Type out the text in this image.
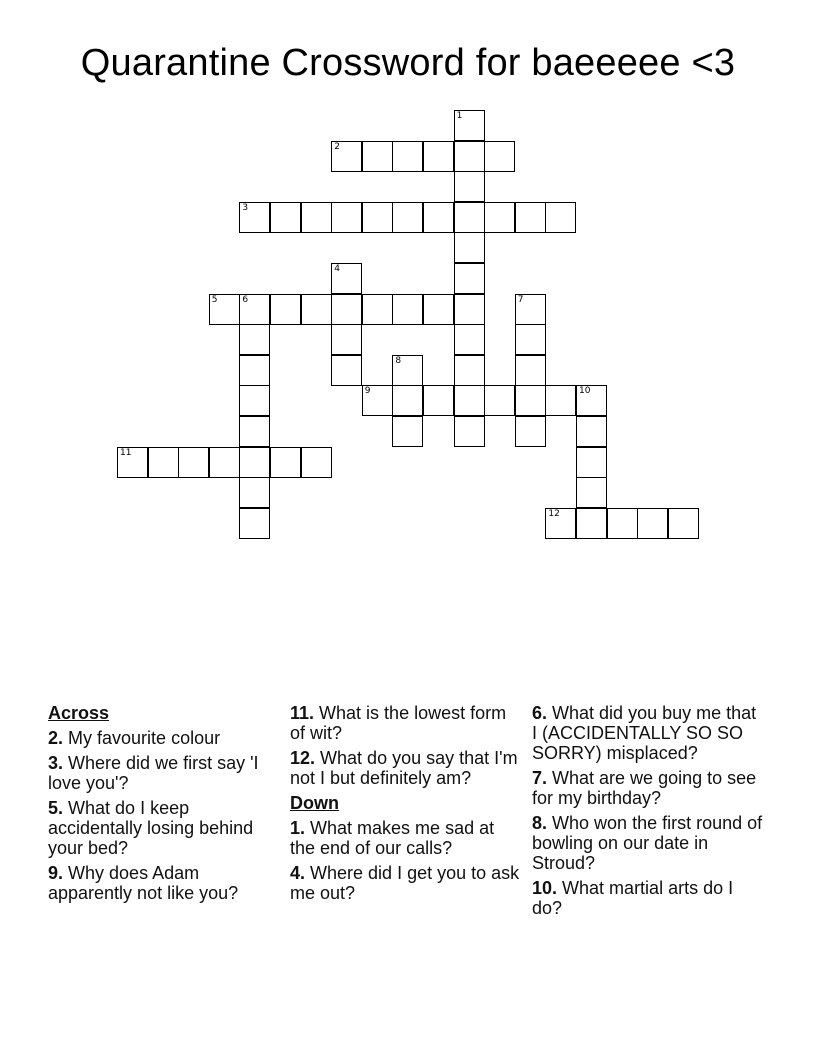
Quarantine Crossword for baeeeee <3
2
3
5	6
9	10
11
12
1
4
7
8
Across
2. My favourite colour
3. Where did we first say 'I love you'?
5. What do I keep accidentally losing behind your bed?
9. Why does Adam apparently not like you?
11. What is the lowest form of wit?
12. What do you say that I'm not I but definitely am?
Down
1. What makes me sad at the end of our calls?
4. Where did I get you to ask me out?
6. What did you buy me that I (ACCIDENTALLY SO SO SORRY) misplaced?
7. What are we going to see for my birthday?
8. Who won the first round of bowling on our date in Stroud?
10. What martial arts do I do?
